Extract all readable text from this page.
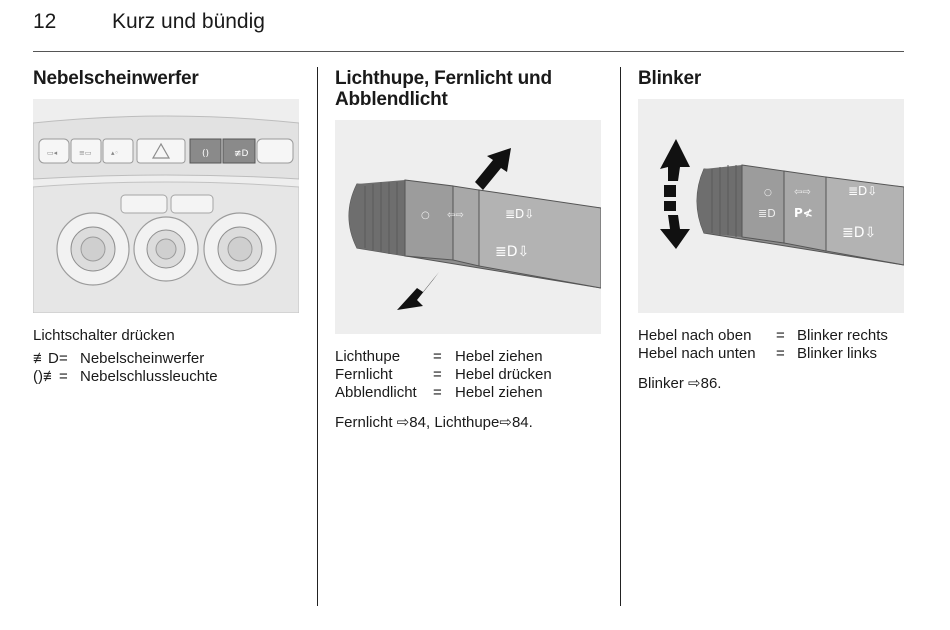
12	Kurz und bündig
Nebelscheinwerfer
()	≢D
▭◂	≡▭	▴◦
Lichtschalter drücken
≢D = Nebelscheinwerfer
()≢ = Nebelschlussleuchte
Lichthupe, Fernlicht und
Abblendlicht
○ ⇦⇨	≣D⇩
≣D⇩
Lichthupe = Hebel ziehen
Fernlicht	= Hebel drücken
Abblendlicht = Hebel ziehen
Fernlicht ⇨84, Lichthupe⇨84.
Blinker
○
≣D
⇦⇨
P≮
≣D⇩
≣D⇩
Hebel nach oben = Blinker rechts
Hebel nach unten = Blinker links
Blinker ⇨86.
